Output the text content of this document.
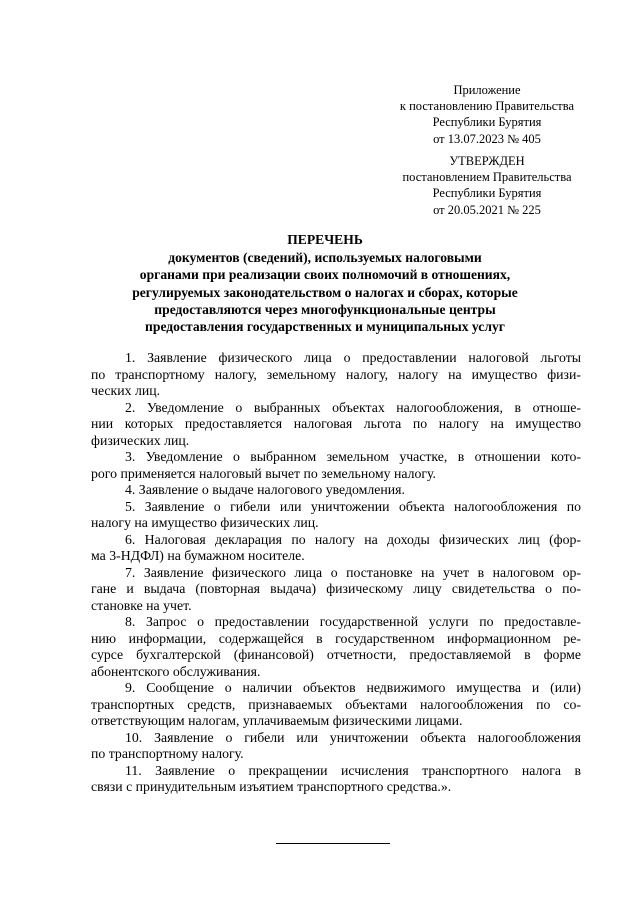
Приложение
к постановлению Правительства
Республики Бурятия
от 13.07.2023 № 405
УТВЕРЖДЕН
постановлением Правительства
Республики Бурятия
от 20.05.2021 № 225
ПЕРЕЧЕНЬ
документов (сведений), используемых налоговыми
органами при реализации своих полномочий в отношениях,
регулируемых законодательством о налогах и сборах, которые
предоставляются через многофункциональные центры
предоставления государственных и муниципальных услуг
1. Заявление физического лица о предоставлении налоговой льготы
по транспортному налогу, земельному налогу, налогу на имущество физи-
ческих лиц.
2. Уведомление о выбранных объектах налогообложения, в отноше-
нии которых предоставляется налоговая льгота по налогу на имущество
физических лиц.
3. Уведомление о выбранном земельном участке, в отношении кото-
рого применяется налоговый вычет по земельному налогу.
4. Заявление о выдаче налогового уведомления.
5. Заявление о гибели или уничтожении объекта налогообложения по
налогу на имущество физических лиц.
6. Налоговая декларация по налогу на доходы физических лиц (фор-
ма 3-НДФЛ) на бумажном носителе.
7. Заявление физического лица о постановке на учет в налоговом ор-
гане и выдача (повторная выдача) физическому лицу свидетельства о по-
становке на учет.
8. Запрос о предоставлении государственной услуги по предоставле-
нию информации, содержащейся в государственном информационном ре-
сурсе бухгалтерской (финансовой) отчетности, предоставляемой в форме
абонентского обслуживания.
9. Сообщение о наличии объектов недвижимого имущества и (или)
транспортных средств, признаваемых объектами налогообложения по со-
ответствующим налогам, уплачиваемым физическими лицами.
10. Заявление о гибели или уничтожении объекта налогообложения
по транспортному налогу.
11. Заявление о прекращении исчисления транспортного налога в
связи с принудительным изъятием транспортного средства.».
